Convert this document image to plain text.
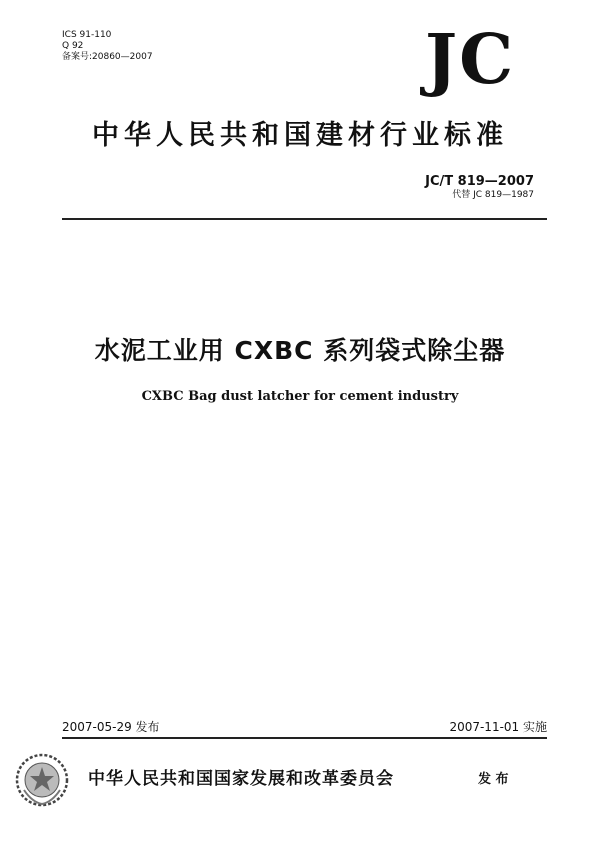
ICS 91-110
Q 92
备案号:20860—2007	JC
中华人民共和国建材行业标准
JC/T 819—2007
代替 JC 819—1987
水泥工业用 CXBC 系列袋式除尘器
CXBC Bag dust latcher for cement industry
2007-05-29 发布	2007-11-01 实施
中华人民共和国国家发展和改革委员会	发 布
